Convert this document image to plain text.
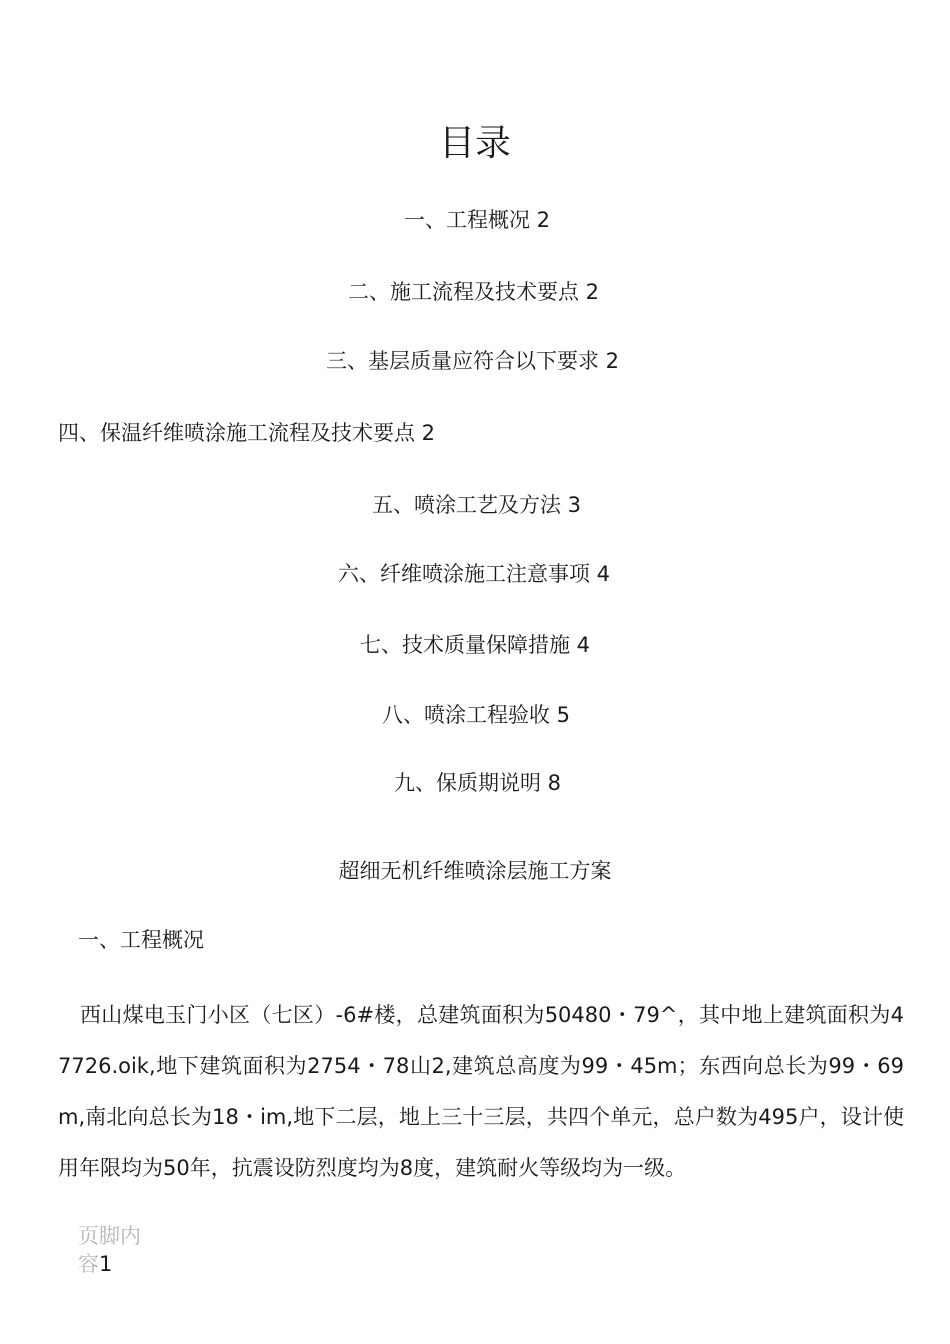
目录
一、工程概况 2
二、施工流程及技术要点 2
三、基层质量应符合以下要求 2
四、保温纤维喷涂施工流程及技术要点 2
五、喷涂工艺及方法 3
六、纤维喷涂施工注意事项 4
七、技术质量保障措施 4
八、喷涂工程验收 5
九、保质期说明 8
超细无机纤维喷涂层施工方案
一、工程概况
西山煤电玉门小区（七区）-6#楼，总建筑面积为50480・79^，其中地上建筑面积为47726.oik,地下建筑面积为2754・78山2,建筑总高度为99・45m；东西向总长为99・69m,南北向总长为18・im,地下二层，地上三十三层，共四个单元，总户数为495户，设计使用年限均为50年，抗震设防烈度均为8度，建筑耐火等级均为一级。
页脚内容1
